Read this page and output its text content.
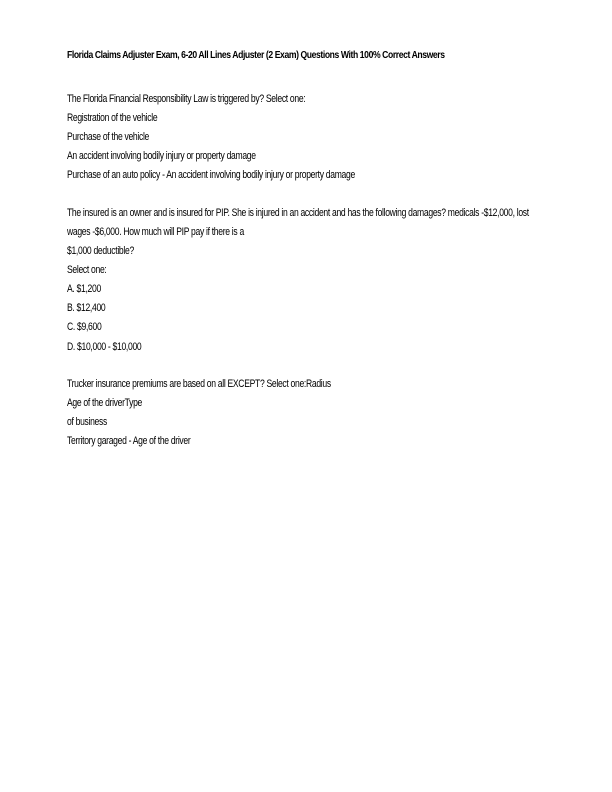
Florida Claims Adjuster Exam, 6-20 All Lines Adjuster (2 Exam) Questions With 100% Correct Answers
The Florida Financial Responsibility Law is triggered by? Select one:
Registration of the vehicle
Purchase of the vehicle
An accident involving bodily injury or property damage
Purchase of an auto policy - An accident involving bodily injury or property damage
The insured is an owner and is insured for PIP. She is injured in an accident and has the following damages? medicals -$12,000, lost
wages -$6,000. How much will PIP pay if there is a
$1,000 deductible?
Select one:
A. $1,200
B. $12,400
C. $9,600
D. $10,000 - $10,000
Trucker insurance premiums are based on all EXCEPT? Select one:Radius
Age of the driverType
of business
Territory garaged - Age of the driver
